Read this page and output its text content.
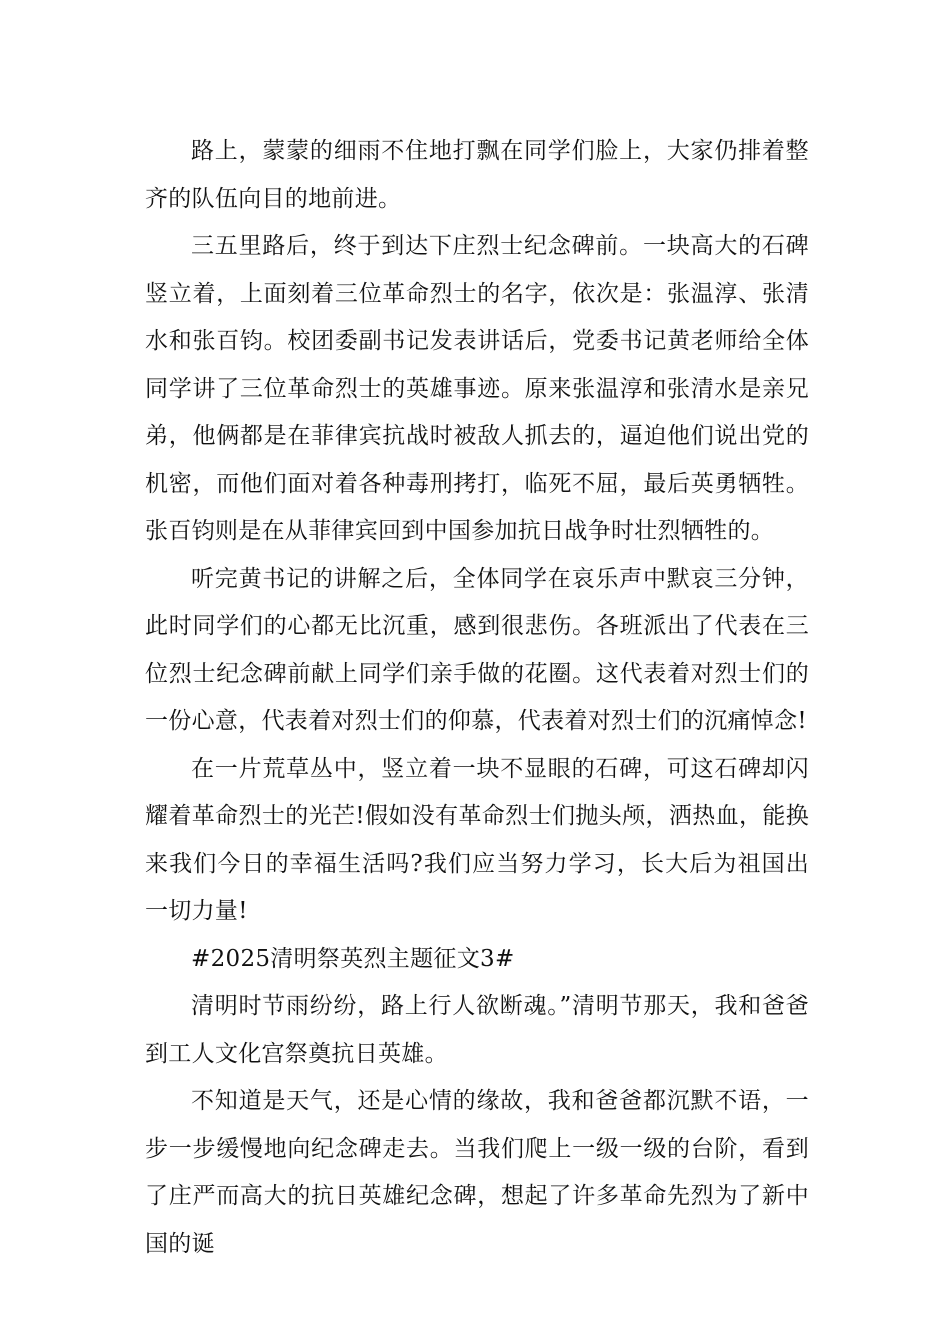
路上，蒙蒙的细雨不住地打飘在同学们脸上，大家仍排着整齐的队伍向目的地前进。

三五里路后，终于到达下庄烈士纪念碑前。一块高大的石碑竖立着，上面刻着三位革命烈士的名字，依次是：张温淳、张清水和张百钧。校团委副书记发表讲话后，党委书记黄老师给全体同学讲了三位革命烈士的英雄事迹。原来张温淳和张清水是亲兄弟，他俩都是在菲律宾抗战时被敌人抓去的，逼迫他们说出党的机密，而他们面对着各种毒刑拷打，临死不屈，最后英勇牺牲。张百钧则是在从菲律宾回到中国参加抗日战争时壮烈牺牲的。

听完黄书记的讲解之后，全体同学在哀乐声中默哀三分钟，此时同学们的心都无比沉重，感到很悲伤。各班派出了代表在三位烈士纪念碑前献上同学们亲手做的花圈。这代表着对烈士们的一份心意，代表着对烈士们的仰慕，代表着对烈士们的沉痛悼念!

在一片荒草丛中，竖立着一块不显眼的石碑，可这石碑却闪耀着革命烈士的光芒!假如没有革命烈士们抛头颅，洒热血，能换来我们今日的幸福生活吗?我们应当努力学习，长大后为祖国出一切力量!

#2025清明祭英烈主题征文3#

清明时节雨纷纷，路上行人欲断魂。”清明节那天，我和爸爸到工人文化宫祭奠抗日英雄。

不知道是天气，还是心情的缘故，我和爸爸都沉默不语，一步一步缓慢地向纪念碑走去。当我们爬上一级一级的台阶，看到了庄严而高大的抗日英雄纪念碑，想起了许多革命先烈为了新中国的诞
